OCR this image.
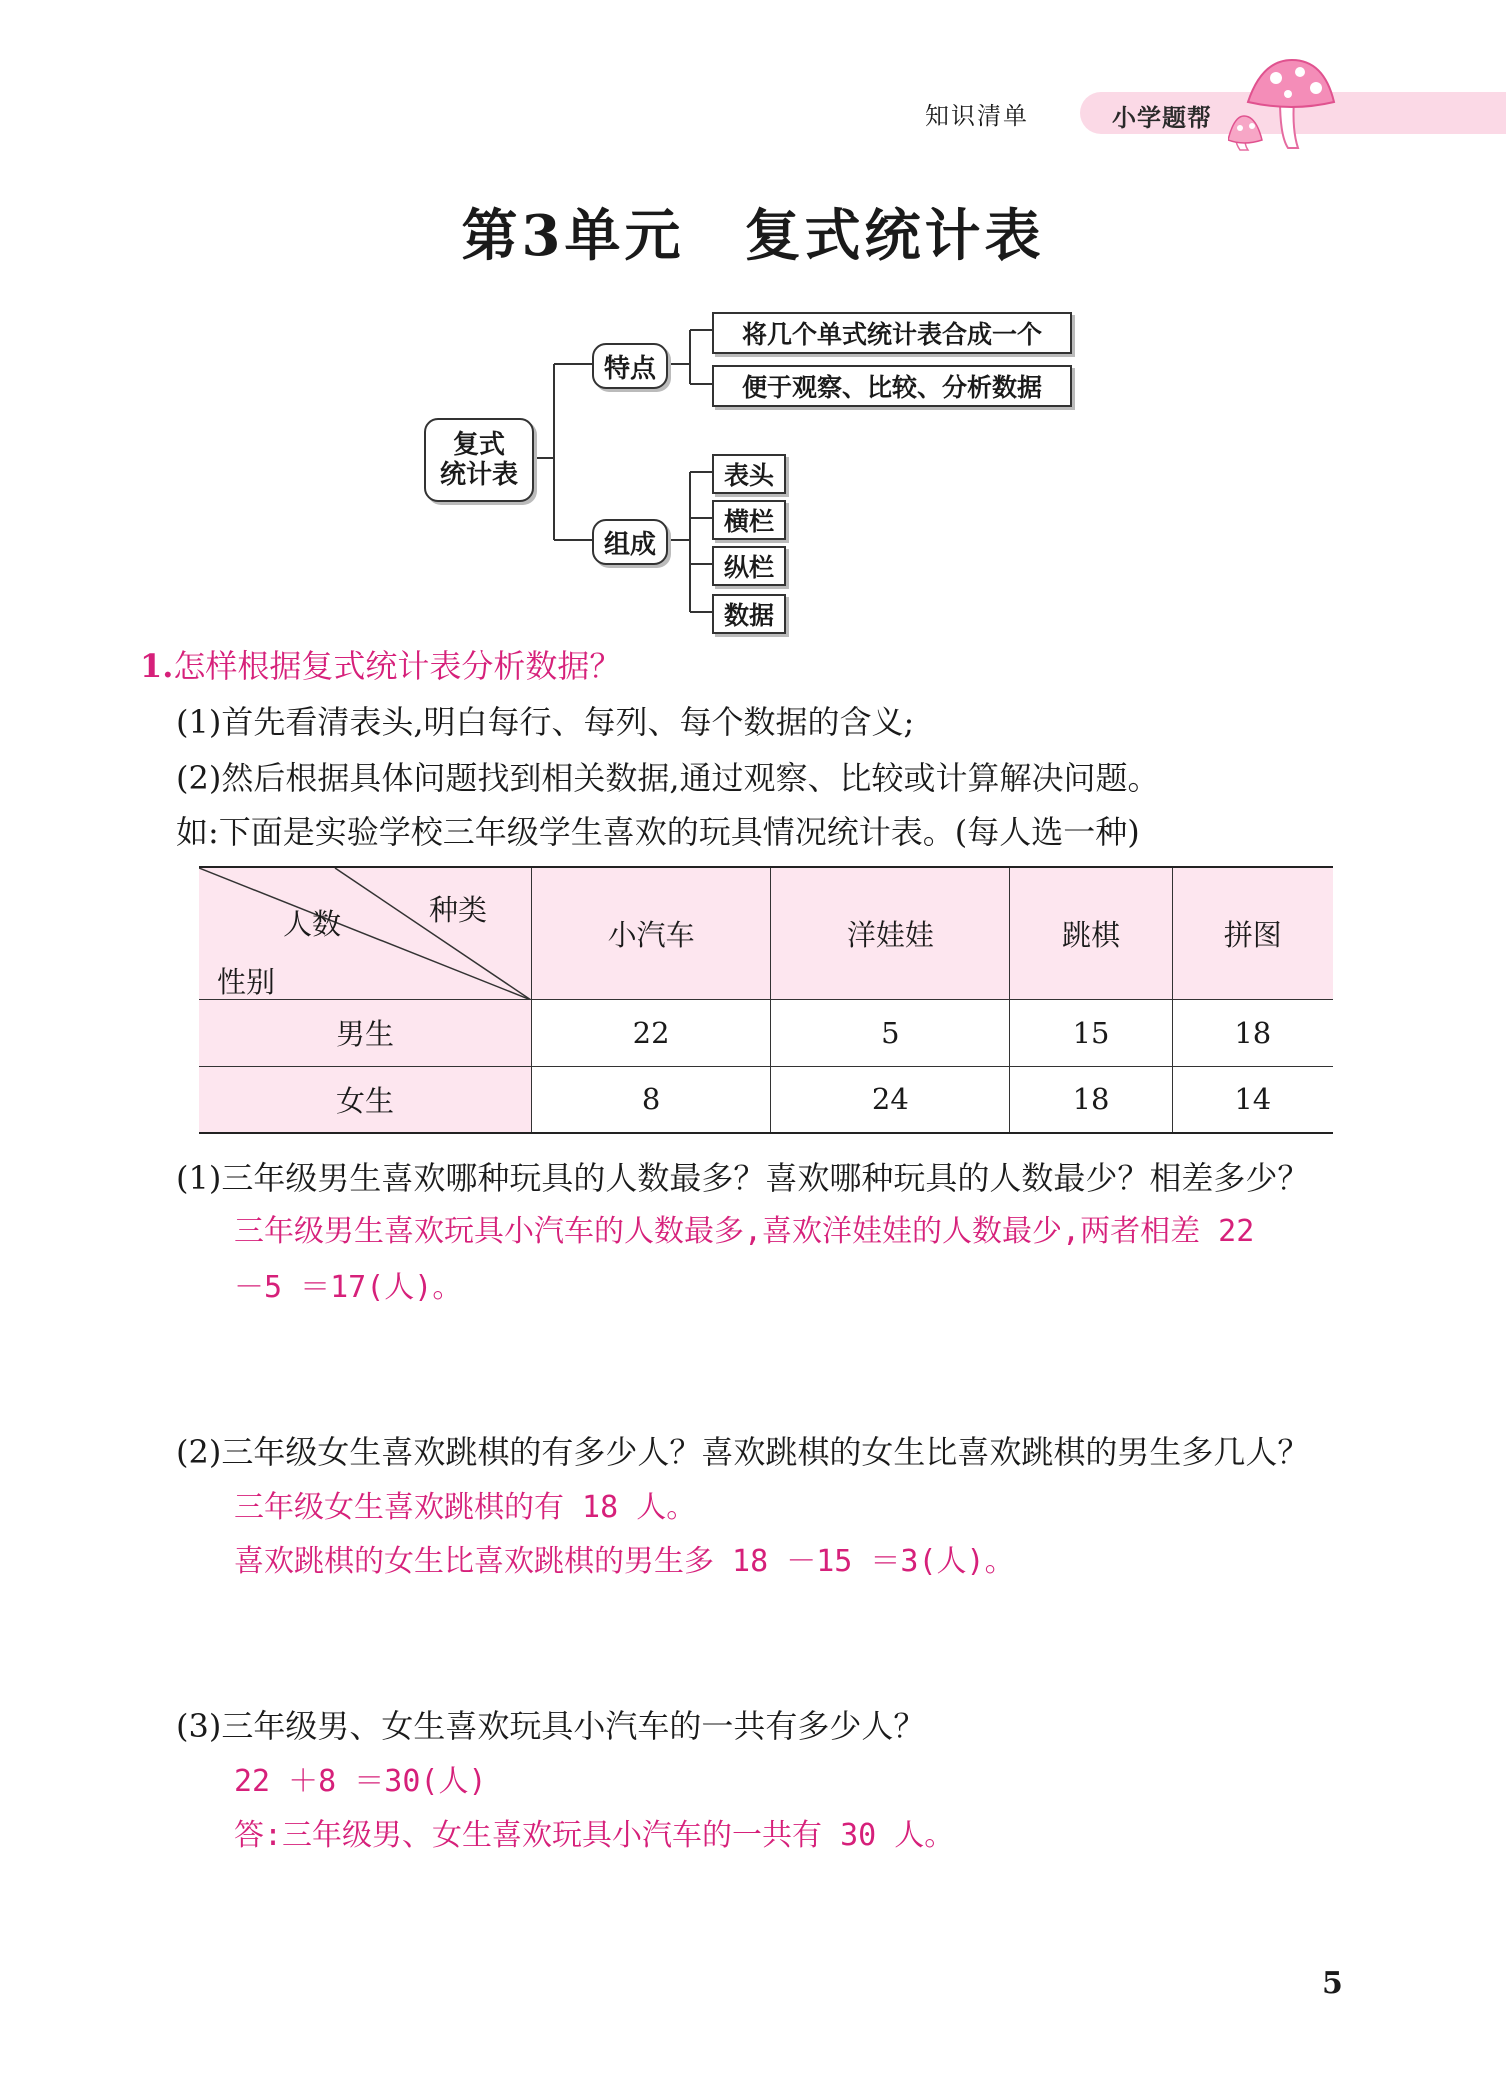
知识清单	小学题帮
第3单元　复式统计表
复式
统计表
特点
组成
将几个单式统计表合成一个
便于观察、比较、分析数据
表头
横栏
纵栏
数据
1.怎样根据复式统计表分析数据？
(1)首先看清表头,明白每行、每列、每个数据的含义;
(2)然后根据具体问题找到相关数据,通过观察、比较或计算解决问题。
如:下面是实验学校三年级学生喜欢的玩具情况统计表。(每人选一种)
种类
人数
性别	小汽车	洋娃娃	跳棋	拼图
男生	22	5	15	18
女生	8	24	18	14
(1)三年级男生喜欢哪种玩具的人数最多？喜欢哪种玩具的人数最少？相差多少？
三年级男生喜欢玩具小汽车的人数最多,喜欢洋娃娃的人数最少,两者相差 22
－5 ＝17(人)。
(2)三年级女生喜欢跳棋的有多少人？喜欢跳棋的女生比喜欢跳棋的男生多几人？
三年级女生喜欢跳棋的有 18 人。
喜欢跳棋的女生比喜欢跳棋的男生多 18 －15 ＝3(人)。
(3)三年级男、女生喜欢玩具小汽车的一共有多少人？
22 ＋8 ＝30(人)
答:三年级男、女生喜欢玩具小汽车的一共有 30 人。
5
